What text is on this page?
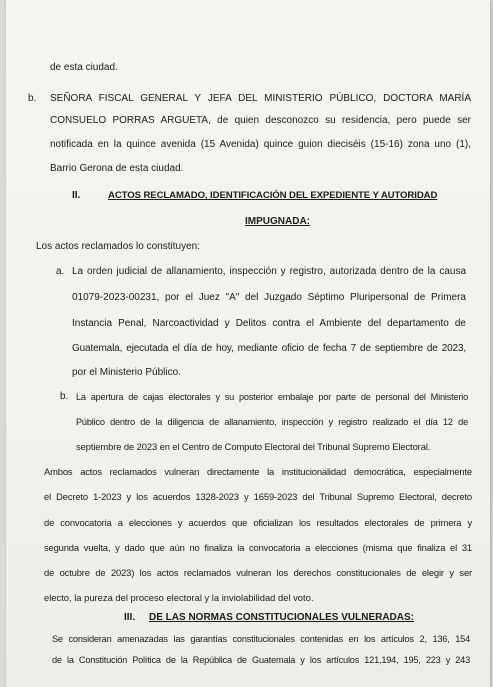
de esta ciudad.
b. SEÑORA FISCAL GENERAL Y JEFA DEL MINISTERIO PÚBLICO, DOCTORA MARÍA
CONSUELO PORRAS ARGUETA, de quien desconozco su residencia, pero puede ser
notificada en la quince avenida (15 Avenida) quince guion dieciséis (15-16) zona uno (1),
Barrio Gerona de esta ciudad.
II.	ACTOS RECLAMADO, IDENTIFICACIÓN DEL EXPEDIENTE Y AUTORIDAD
IMPUGNADA:
Los actos reclamados lo constituyen:
a. La orden judicial de allanamiento, inspección y registro, autorizada dentro de la causa
01079-2023-00231, por el Juez "A" del Juzgado Séptimo Pluripersonal de Primera
Instancia Penal, Narcoactividad y Delitos contra el Ambiente del departamento de
Guatemala, ejecutada el día de hoy, mediante oficio de fecha 7 de septiembre de 2023,
por el Ministerio Público.
b. La apertura de cajas electorales y su posterior embalaje por parte de personal del Ministerio
Público dentro de la diligencia de allanamiento, inspección y registro realizado el día 12 de
septiembre de 2023 en el Centro de Computo Electoral del Tribunal Supremo Electoral.
Ambos actos reclamados vulneran directamente la institucionalidad democrática, especialmente
el Decreto 1-2023 y los acuerdos 1328-2023 y 1659-2023 del Tribunal Supremo Electoral, decreto
de convocatoria a elecciones y acuerdos que oficializan los resultados electorales de primera y
segunda vuelta, y dado que aún no finaliza la convocatoria a elecciones (misma que finaliza el 31
de octubre de 2023) los actos reclamados vulneran los derechos constitucionales de elegir y ser
electo, la pureza del proceso electoral y la inviolabilidad del voto.
III. DE LAS NORMAS CONSTITUCIONALES VULNERADAS:
Se consideran amenazadas las garantías constitucionales contenidas en los artículos 2, 136, 154
de la Constitución Política de la República de Guatemala y los artículos 121,194, 195, 223 y 243
